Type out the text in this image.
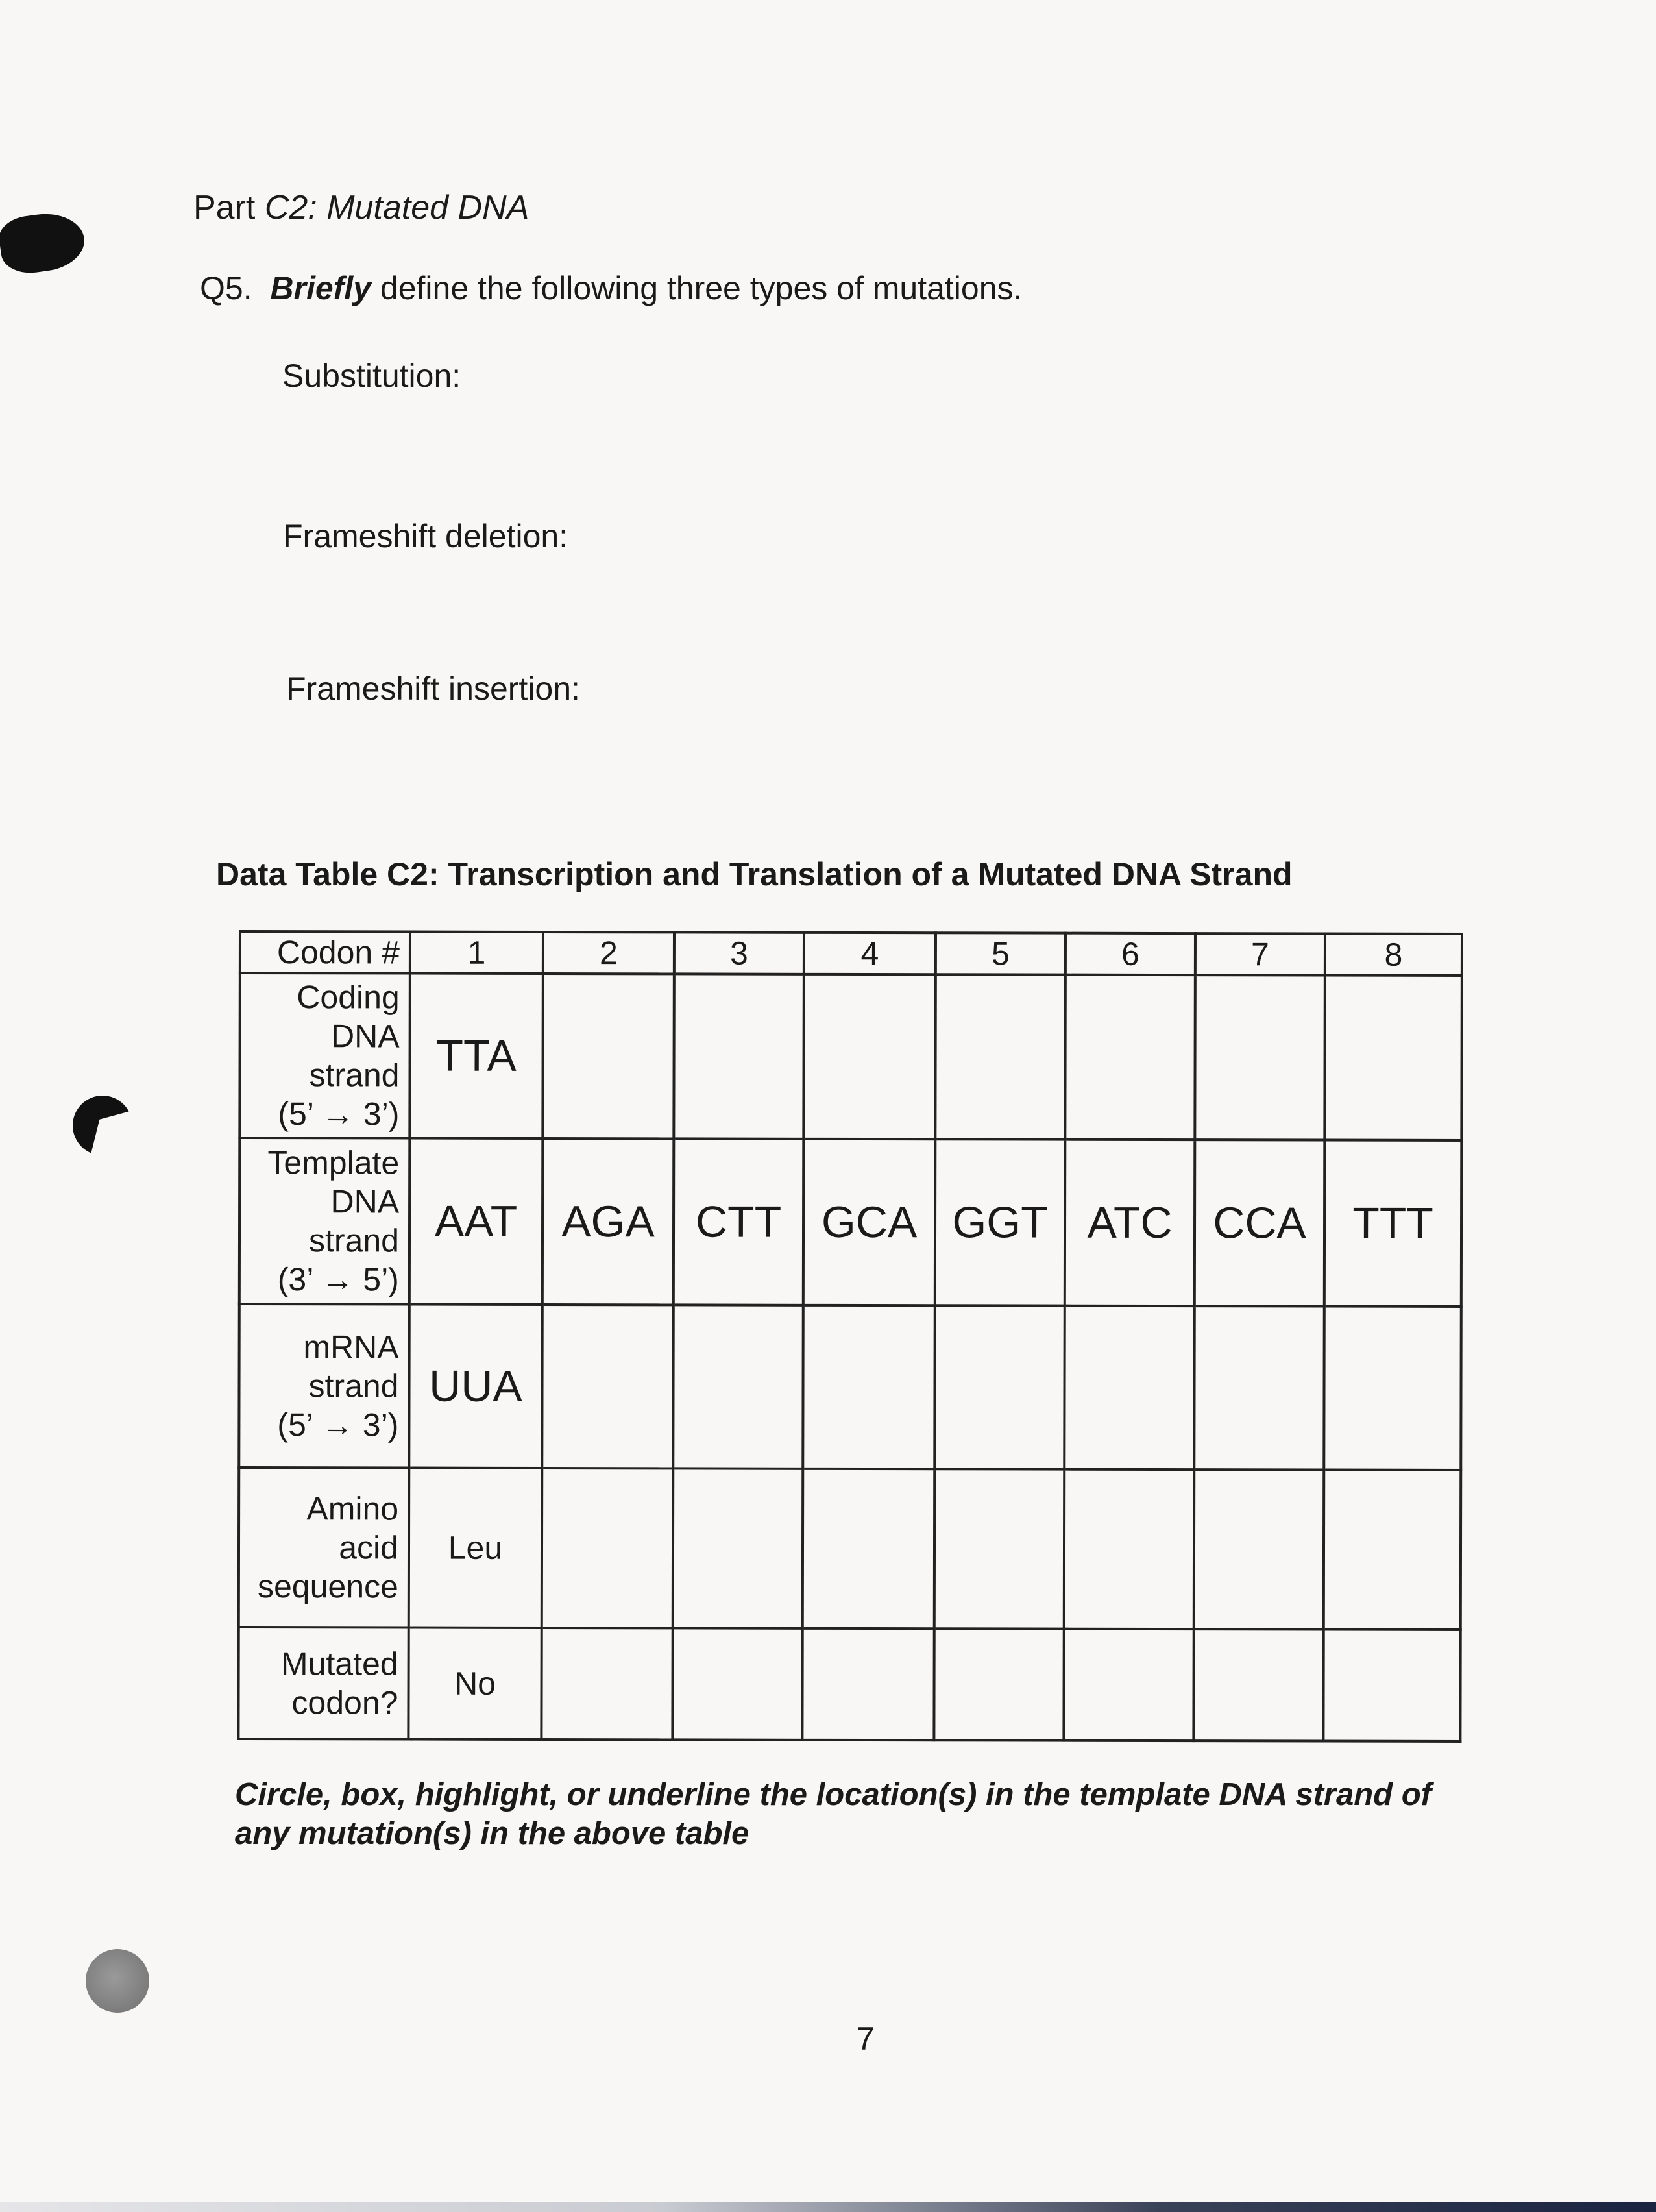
Part C2: Mutated DNA
Q5. Briefly define the following three types of mutations.
Substitution:
Frameshift deletion:
Frameshift insertion:
Data Table C2: Transcription and Translation of a Mutated DNA Strand
Codon #	1	2	3	4	5	6	7	8

Coding
DNA
strand
(5’ → 3’)	TTA							

Template
DNA
strand
(3’ → 5’)	AAT	AGA	CTT	GCA	GGT	ATC	CCA	TTT

mRNA
strand
(5’ → 3’)	UUA							

Amino
acid
sequence	Leu							

Mutated
codon?	No							
Circle, box, highlight, or underline the location(s) in the template DNA strand of any mutation(s) in the above table
7
